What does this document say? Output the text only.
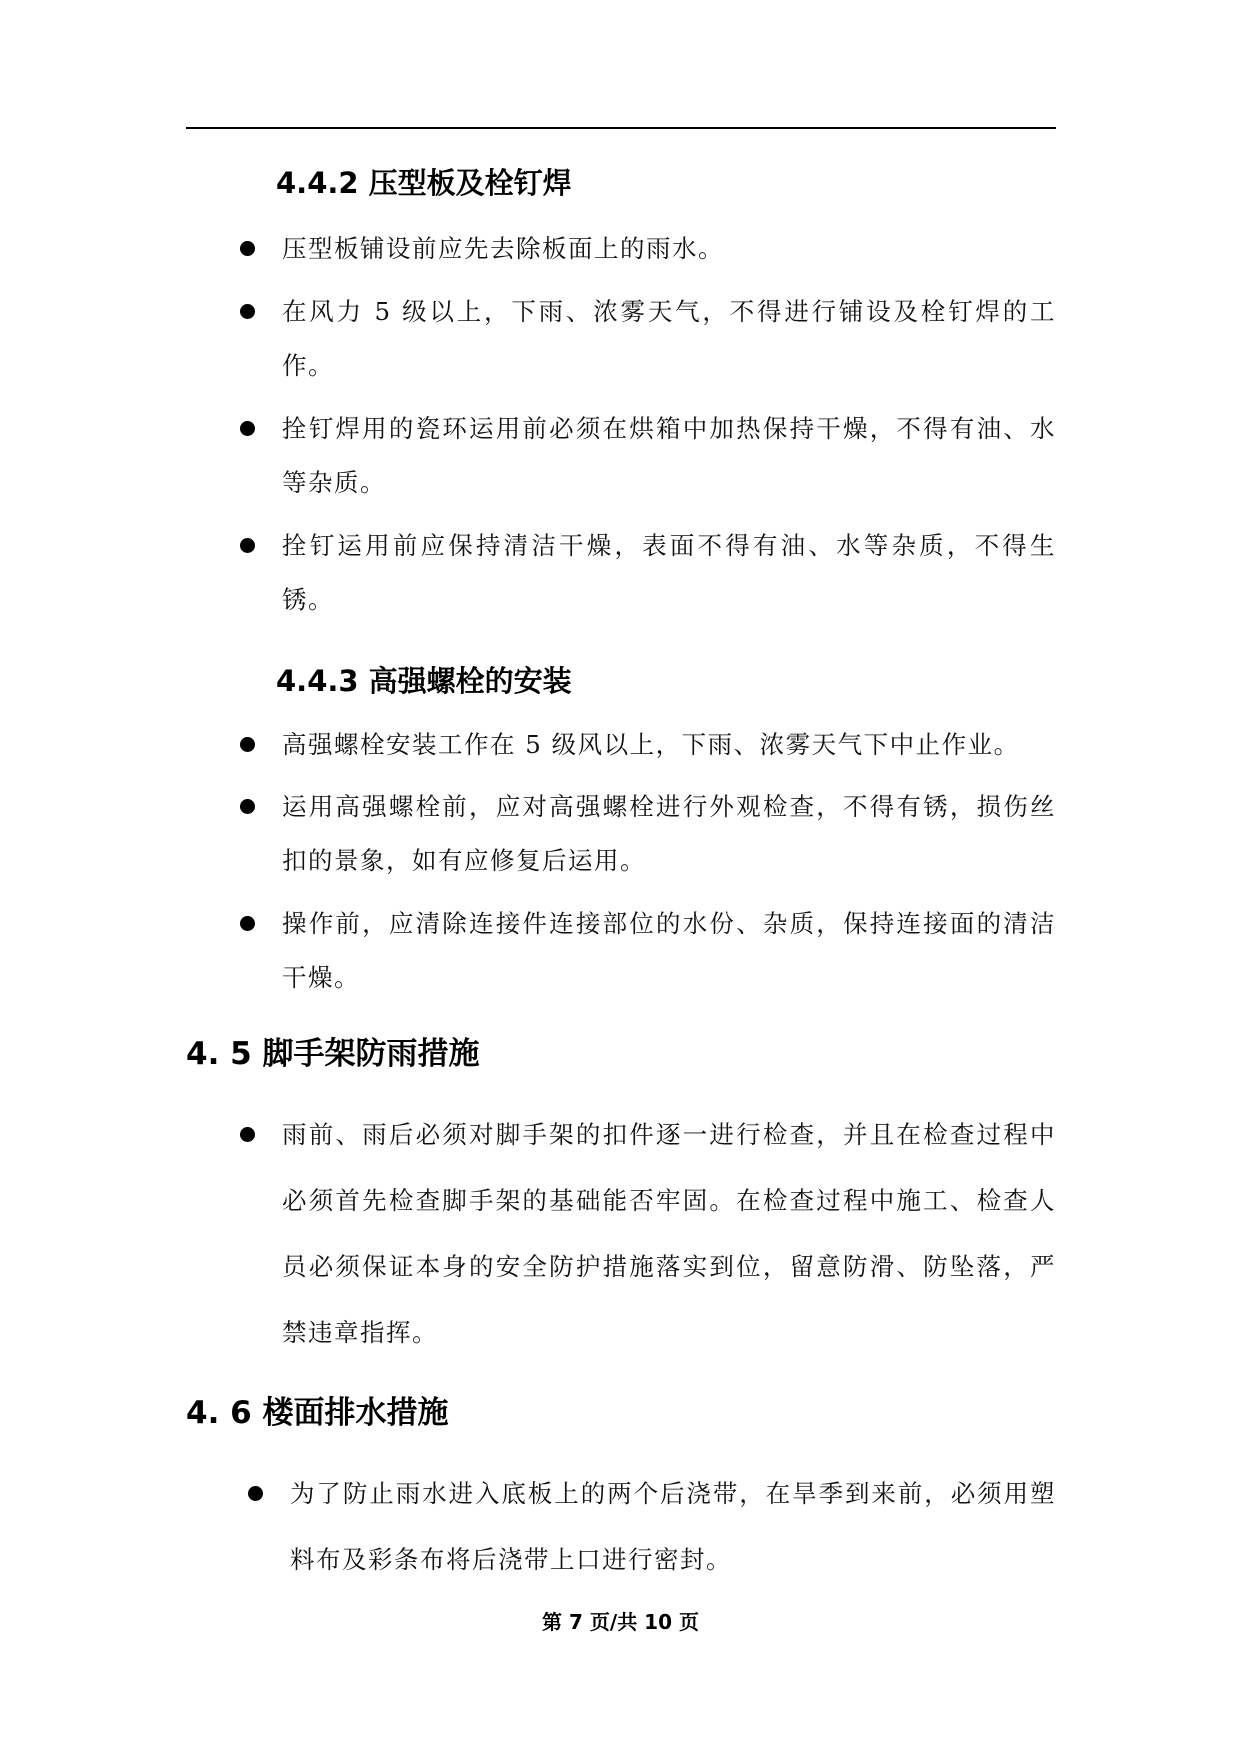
4.4.2 压型板及栓钉焊
压型板铺设前应先去除板面上的雨水。
在风力 5 级以上，下雨、浓雾天气，不得进行铺设及栓钉焊的工作。
拴钉焊用的瓷环运用前必须在烘箱中加热保持干燥，不得有油、水等杂质。
拴钉运用前应保持清洁干燥，表面不得有油、水等杂质，不得生锈。
4.4.3 高强螺栓的安装
高强螺栓安装工作在 5 级风以上，下雨、浓雾天气下中止作业。
运用高强螺栓前，应对高强螺栓进行外观检查，不得有锈，损伤丝扣的景象，如有应修复后运用。
操作前，应清除连接件连接部位的水份、杂质，保持连接面的清洁干燥。
4. 5 脚手架防雨措施
雨前、雨后必须对脚手架的扣件逐一进行检查，并且在检查过程中必须首先检查脚手架的基础能否牢固。在检查过程中施工、检查人员必须保证本身的安全防护措施落实到位，留意防滑、防坠落，严禁违章指挥。
4. 6 楼面排水措施
为了防止雨水进入底板上的两个后浇带，在旱季到来前，必须用塑料布及彩条布将后浇带上口进行密封。
第 7 页/共 10 页
